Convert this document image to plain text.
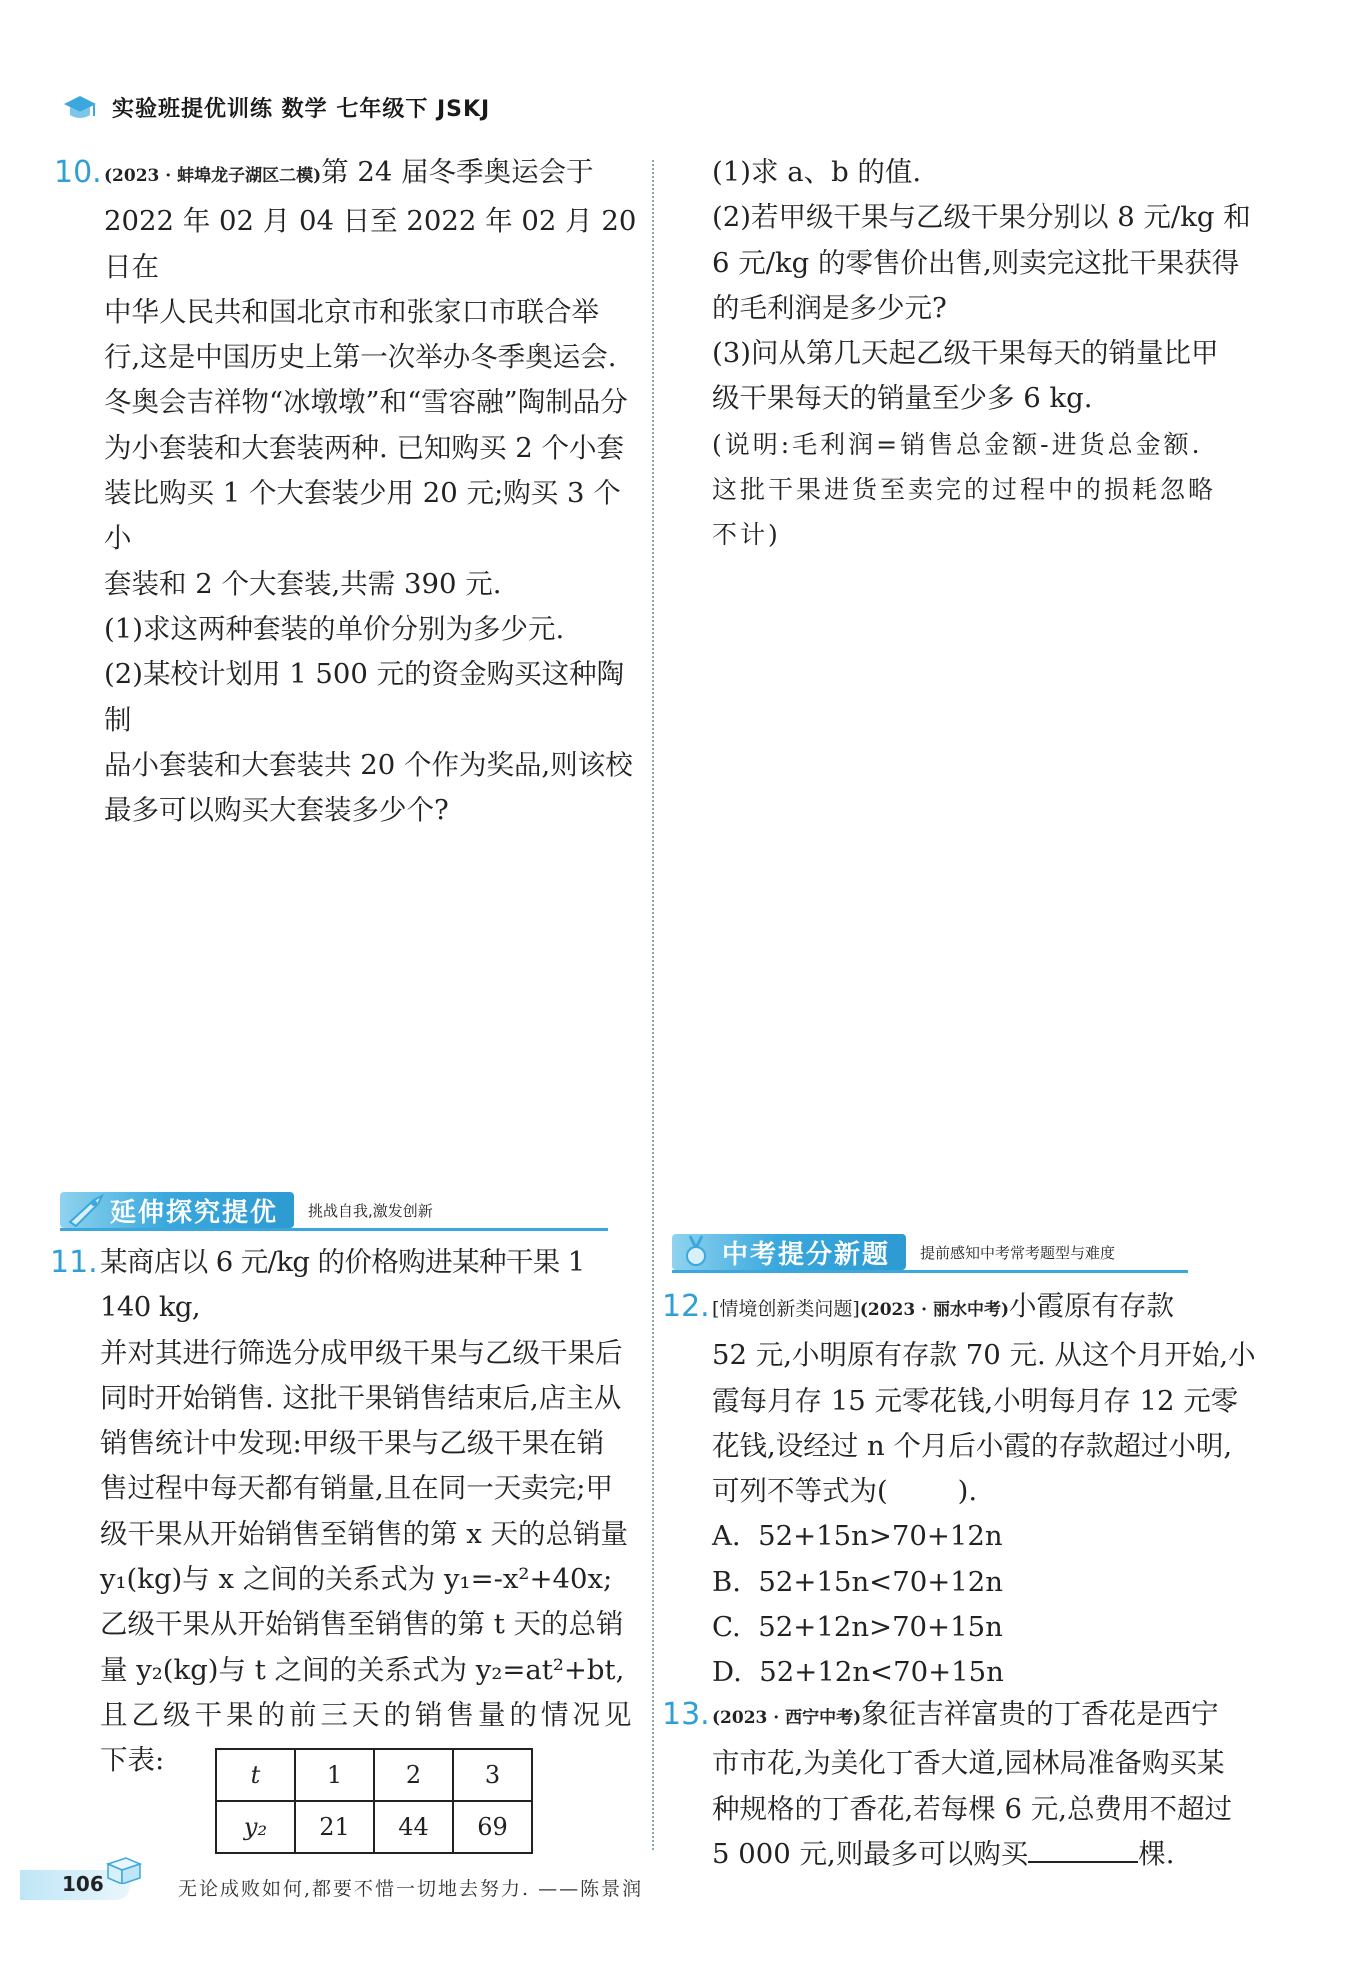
实验班提优训练 数学 七年级下 JSKJ
10. (2023 · 蚌埠龙子湖区二模)第 24 届冬季奥运会于

2022 年 02 月 04 日至 2022 年 02 月 20 日在

中华人民共和国北京市和张家口市联合举

行,这是中国历史上第一次举办冬季奥运会.

冬奥会吉祥物“冰墩墩”和“雪容融”陶制品分

为小套装和大套装两种. 已知购买 2 个小套

装比购买 1 个大套装少用 20 元;购买 3 个小

套装和 2 个大套装,共需 390 元.

(1)求这两种套装的单价分别为多少元.

(2)某校计划用 1 500 元的资金购买这种陶制

品小套装和大套装共 20 个作为奖品,则该校

最多可以购买大套装多少个?

(1)求 a、b 的值.

(2)若甲级干果与乙级干果分别以 8 元/kg 和

6 元/kg 的零售价出售,则卖完这批干果获得

的毛利润是多少元?

(3)问从第几天起乙级干果每天的销量比甲

级干果每天的销量至少多 6 kg.

(说明:毛利润=销售总金额-进货总金额.

这批干果进货至卖完的过程中的损耗忽略

不计)

延伸探究提优	挑战自我,激发创新
11. 某商店以 6 元/kg 的价格购进某种干果 1 140 kg,

并对其进行筛选分成甲级干果与乙级干果后

同时开始销售. 这批干果销售结束后,店主从

销售统计中发现:甲级干果与乙级干果在销

售过程中每天都有销量,且在同一天卖完;甲

级干果从开始销售至销售的第 x 天的总销量

y₁(kg)与 x 之间的关系式为 y₁=-x²+40x;

乙级干果从开始销售至销售的第 t 天的总销

量 y₂(kg)与 t 之间的关系式为 y₂=at²+bt,

且乙级干果的前三天的销售量的情况见

下表:	t	1	2	3
y₂	21	44	69
中考提分新题	提前感知中考常考题型与难度
12. [情境创新类问题](2023 · 丽水中考)小霞原有存款

52 元,小明原有存款 70 元. 从这个月开始,小

霞每月存 15 元零花钱,小明每月存 12 元零

花钱,设经过 n 个月后小霞的存款超过小明,

可列不等式为(        ).

A.  52+15n>70+12n

B.  52+15n<70+12n

C.  52+12n>70+15n

D.  52+12n<70+15n

13. (2023 · 西宁中考)象征吉祥富贵的丁香花是西宁

市市花,为美化丁香大道,园林局准备购买某

种规格的丁香花,若每棵 6 元,总费用不超过

5 000 元,则最多可以购买	棵.

106	无论成败如何,都要不惜一切地去努力. ——陈景润
